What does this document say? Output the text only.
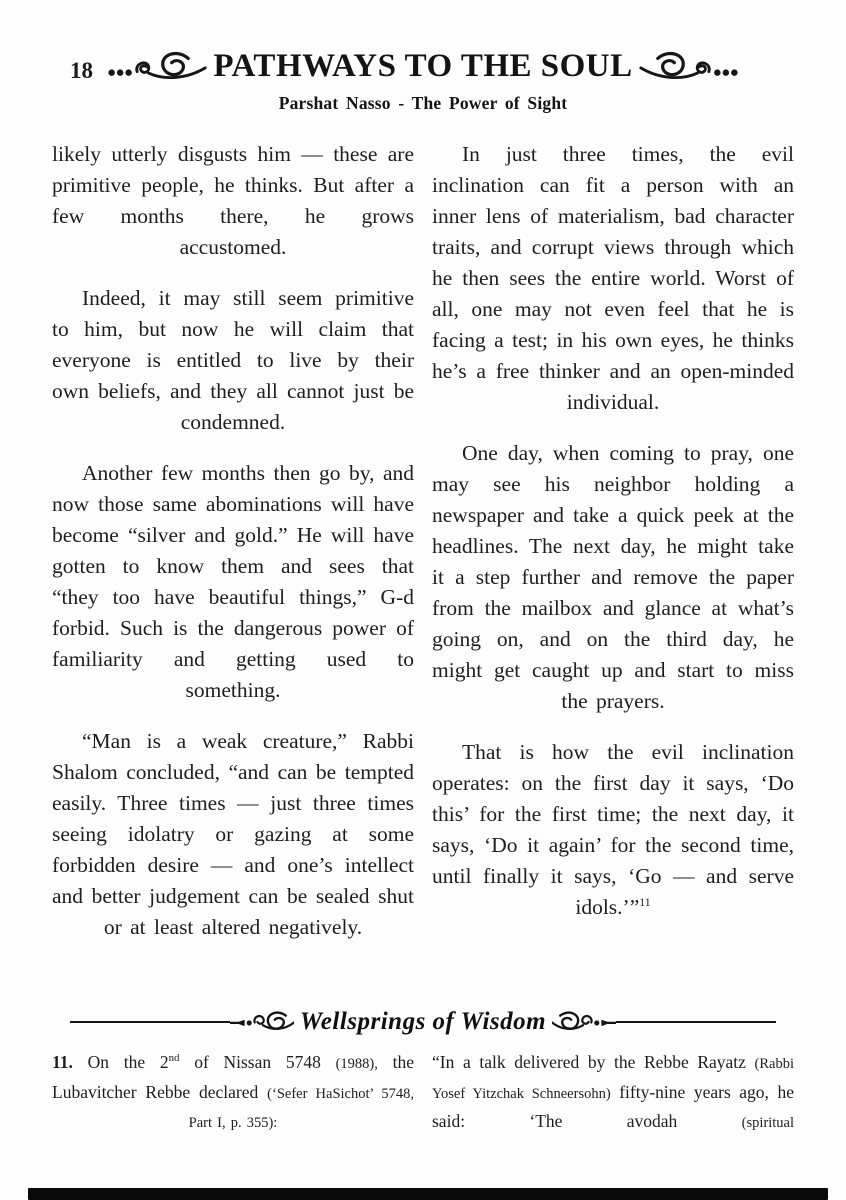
18	PATHWAYS TO THE SOUL
Parshat Nasso - The Power of Sight

likely utterly disgusts him — these are primitive people, he thinks. But after a few months there, he grows accustomed.

Indeed, it may still seem primitive to him, but now he will claim that everyone is entitled to live by their own beliefs, and they all cannot just be condemned.

Another few months then go by, and now those same abominations will have become “silver and gold.” He will have gotten to know them and sees that “they too have beautiful things,” G-d forbid. Such is the dangerous power of familiarity and getting used to something.

“Man is a weak creature,” Rabbi Shalom concluded, “and can be tempted easily. Three times — just three times seeing idolatry or gazing at some forbidden desire — and one’s intellect and better judgement can be sealed shut or at least altered negatively.

In just three times, the evil inclination can fit a person with an inner lens of materialism, bad character traits, and corrupt views through which he then sees the entire world. Worst of all, one may not even feel that he is facing a test; in his own eyes, he thinks he’s a free thinker and an open-minded individual.

One day, when coming to pray, one may see his neighbor holding a newspaper and take a quick peek at the headlines. The next day, he might take it a step further and remove the paper from the mailbox and glance at what’s going on, and on the third day, he might get caught up and start to miss the prayers.

That is how the evil inclination operates: on the first day it says, ‘Do this’ for the first time; the next day, it says, ‘Do it again’ for the second time, until finally it says, ‘Go — and serve idols.’”$^{11}$

Wellsprings of Wisdom
11. On the 2nd of Nissan 5748 (1988), the Lubavitcher Rebbe declared (‘Sefer HaSichot’ 5748, Part I, p. 355):
“In a talk delivered by the Rebbe Rayatz (Rabbi Yosef Yitzchak Schneersohn) fifty-nine years ago, he said: ‘The avodah (spiritual
